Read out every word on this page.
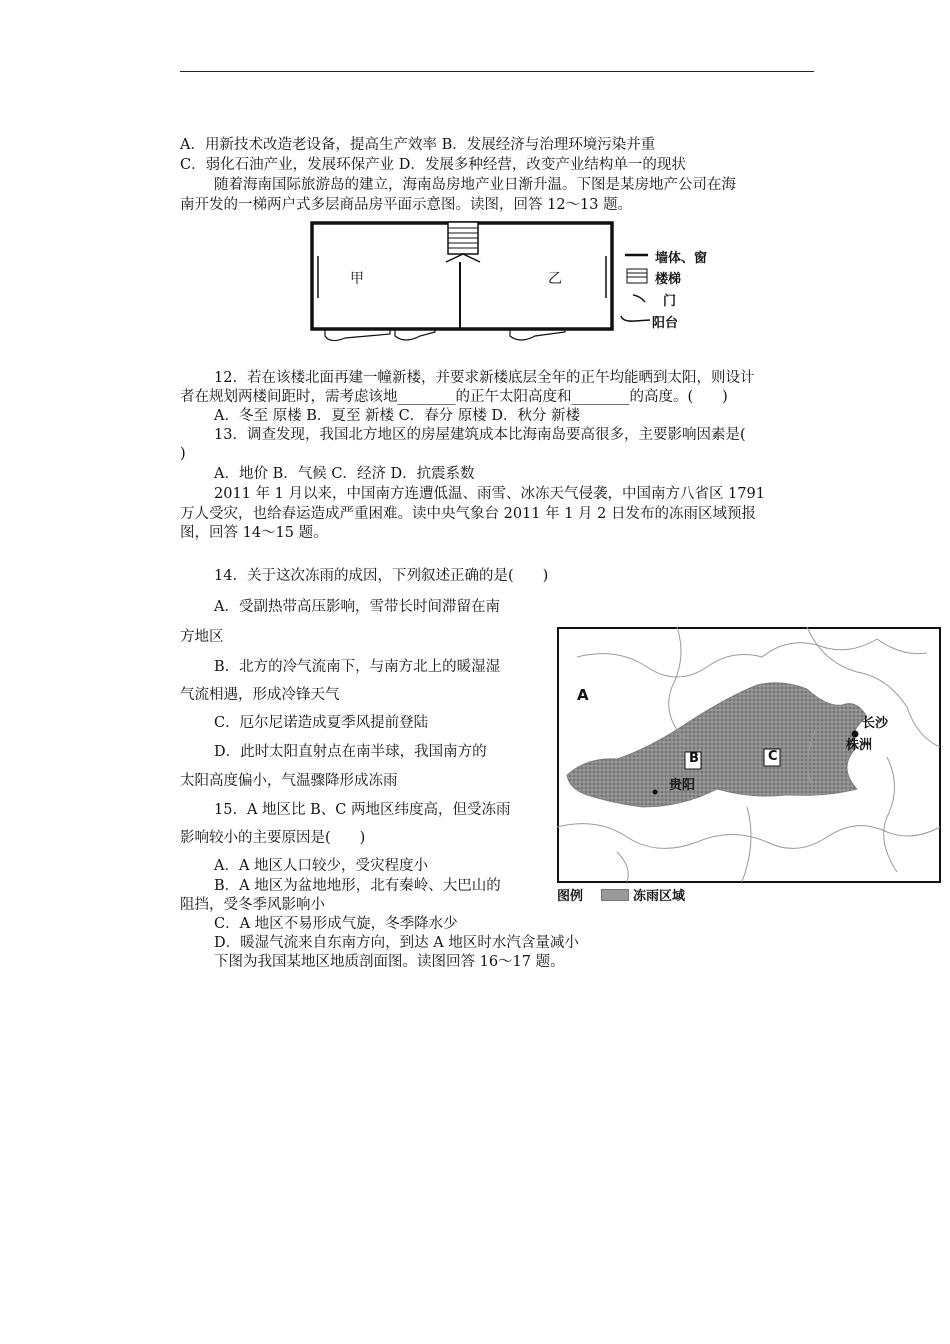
A．用新技术改造老设备，提高生产效率 B．发展经济与治理环境污染并重
C．弱化石油产业，发展环保产业 D．发展多种经营，改变产业结构单一的现状
随着海南国际旅游岛的建立，海南岛房地产业日渐升温。下图是某房地产公司在海
南开发的一梯两户式多层商品房平面示意图。读图，回答 12～13 题。
甲	乙
墙体、窗
楼梯
门
阳台
12．若在该楼北面再建一幢新楼，并要求新楼底层全年的正午均能晒到太阳，则设计
者在规划两楼间距时，需考虑该地________的正午太阳高度和________的高度。(　　)
A．冬至 原楼 B．夏至 新楼 C．春分 原楼 D．秋分 新楼
13．调查发现，我国北方地区的房屋建筑成本比海南岛要高很多，主要影响因素是(
)
A．地价 B．气候 C．经济 D．抗震系数
2011 年 1 月以来，中国南方连遭低温、雨雪、冰冻天气侵袭，中国南方八省区 1791
万人受灾，也给春运造成严重困难。读中央气象台 2011 年 1 月 2 日发布的冻雨区域预报
图，回答 14～15 题。
14．关于这次冻雨的成因，下列叙述正确的是(　　)
A．受副热带高压影响，雪带长时间滞留在南
方地区
B．北方的冷气流南下，与南方北上的暖湿湿
气流相遇，形成冷锋天气
C．厄尔尼诺造成夏季风提前登陆
D．此时太阳直射点在南半球，我国南方的
太阳高度偏小，气温骤降形成冻雨
15．A 地区比 B、C 两地区纬度高，但受冻雨
影响较小的主要原因是(　　)
A．A 地区人口较少，受灾程度小
B．A 地区为盆地地形，北有秦岭、大巴山的
阻挡，受冬季风影响小
C．A 地区不易形成气旋，冬季降水少
D．暖湿气流来自东南方向，到达 A 地区时水汽含量减小
下图为我国某地区地质剖面图。读图回答 16～17 题。
A
B	C
长沙
株洲
贵阳
图例	冻雨区域
